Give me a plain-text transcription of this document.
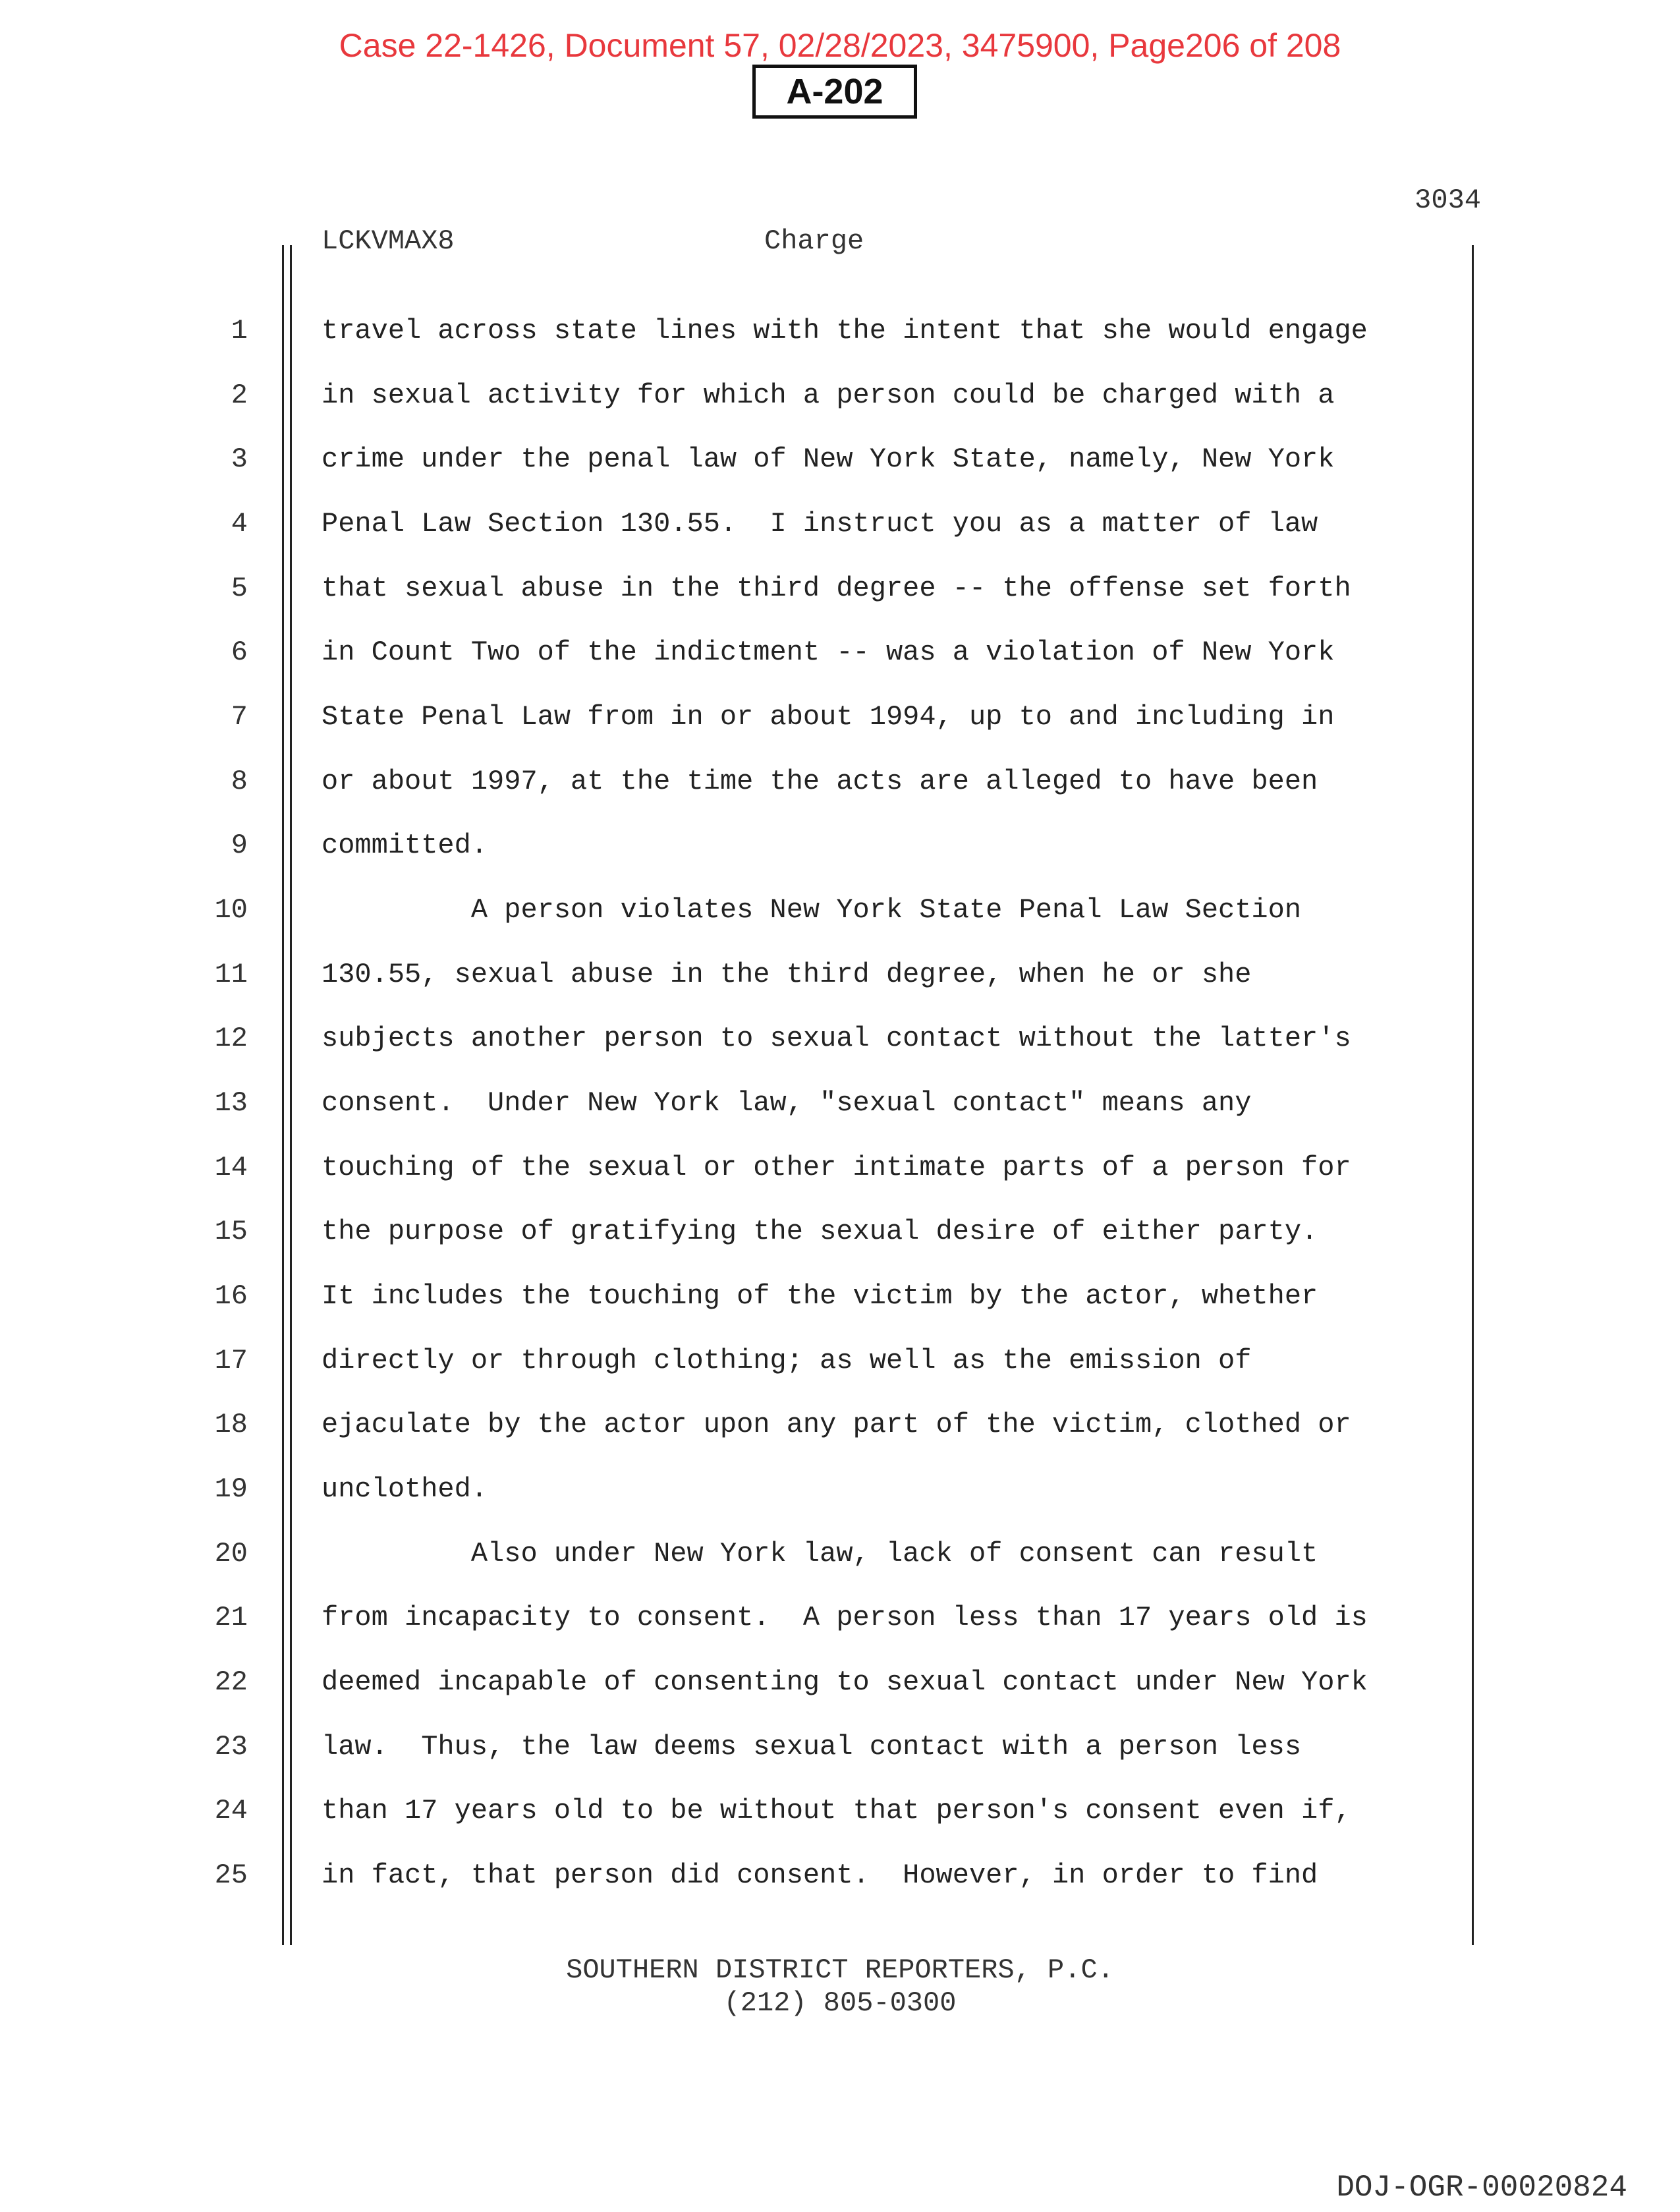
Case 22-1426, Document 57, 02/28/2023, 3475900, Page206 of 208
A-202
3034
LCKVMAX8	Charge
1	travel across state lines with the intent that she would engage
2	in sexual activity for which a person could be charged with a
3	crime under the penal law of New York State, namely, New York
4	Penal Law Section 130.55.  I instruct you as a matter of law
5	that sexual abuse in the third degree -- the offense set forth
6	in Count Two of the indictment -- was a violation of New York
7	State Penal Law from in or about 1994, up to and including in
8	or about 1997, at the time the acts are alleged to have been
9	committed.
10	A person violates New York State Penal Law Section
11	130.55, sexual abuse in the third degree, when he or she
12	subjects another person to sexual contact without the latter's
13	consent.  Under New York law, "sexual contact" means any
14	touching of the sexual or other intimate parts of a person for
15	the purpose of gratifying the sexual desire of either party.
16	It includes the touching of the victim by the actor, whether
17	directly or through clothing; as well as the emission of
18	ejaculate by the actor upon any part of the victim, clothed or
19	unclothed.
20	Also under New York law, lack of consent can result
21	from incapacity to consent.  A person less than 17 years old is
22	deemed incapable of consenting to sexual contact under New York
23	law.  Thus, the law deems sexual contact with a person less
24	than 17 years old to be without that person's consent even if,
25	in fact, that person did consent.  However, in order to find
SOUTHERN DISTRICT REPORTERS, P.C.
(212) 805-0300
DOJ-OGR-00020824
